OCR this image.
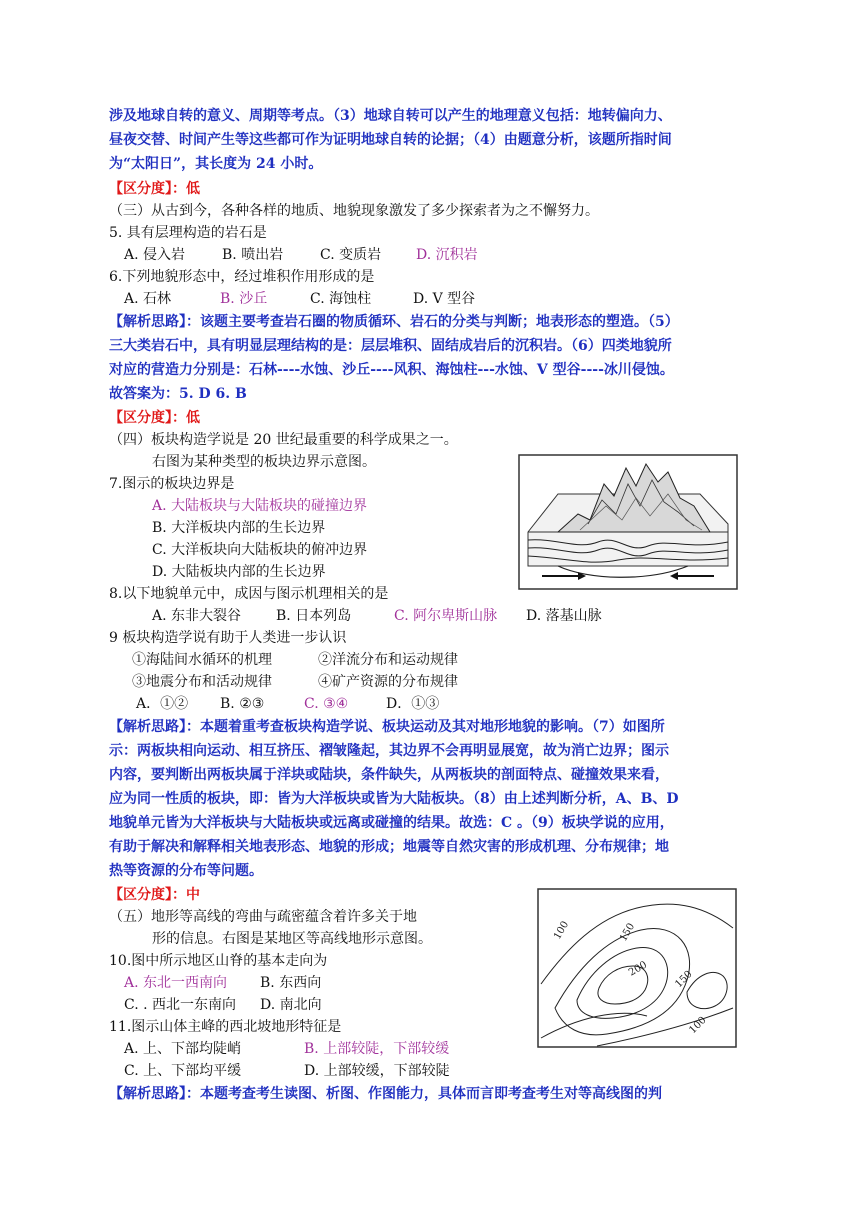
涉及地球自转的意义、周期等考点。（3）地球自转可以产生的地理意义包括：地转偏向力、
昼夜交替、时间产生等这些都可作为证明地球自转的论据；（4）由题意分析，该题所指时间
为“太阳日”，其长度为 24 小时。
【区分度】：低
（三）从古到今，各种各样的地质、地貌现象激发了多少探索者为之不懈努力。
5. 具有层理构造的岩石是
A. 侵入岩	B. 喷出岩	C. 变质岩 D. 沉积岩
6.下列地貌形态中，经过堆积作用形成的是
A. 石林	B. 沙丘	C. 海蚀柱	D. V 型谷
【解析思路】：该题主要考查岩石圈的物质循环、岩石的分类与判断；地表形态的塑造。（5）
三大类岩石中，具有明显层理结构的是：层层堆积、固结成岩后的沉积岩。（6）四类地貌所
对应的营造力分别是：石林----水蚀、沙丘----风积、海蚀柱---水蚀、V 型谷----冰川侵蚀。
故答案为：5. D 6. B
【区分度】：低
（四）板块构造学说是 20 世纪最重要的科学成果之一。
右图为某种类型的板块边界示意图。
7.图示的板块边界是
A. 大陆板块与大陆板块的碰撞边界
B. 大洋板块内部的生长边界
C. 大洋板块向大陆板块的俯冲边界
D. 大陆板块内部的生长边界
8.以下地貌单元中，成因与图示机理相关的是
A. 东非大裂谷 B. 日本列岛	C. 阿尔卑斯山脉 D. 落基山脉
9 板块构造学说有助于人类进一步认识
①海陆间水循环的机理	②洋流分布和运动规律
③地震分布和活动规律	④矿产资源的分布规律
A．①② B. ②③	C. ③④	D．①③
【解析思路】：本题着重考查板块构造学说、板块运动及其对地形地貌的影响。（7）如图所
示：两板块相向运动、相互挤压、褶皱隆起，其边界不会再明显展宽，故为消亡边界；图示
内容，要判断出两板块属于洋块或陆块，条件缺失，从两板块的剖面特点、碰撞效果来看，
应为同一性质的板块，即：皆为大洋板块或皆为大陆板块。（8）由上述判断分析，A、B、D
地貌单元皆为大洋板块与大陆板块或远离或碰撞的结果。故选：C 。（9）板块学说的应用，
有助于解决和解释相关地表形态、地貌的形成；地震等自然灾害的形成机理、分布规律；地
热等资源的分布等问题。
【区分度】：中
（五）地形等高线的弯曲与疏密蕴含着许多关于地
形的信息。右图是某地区等高线地形示意图。	100	150
200 150
100
10.图中所示地区山脊的基本走向为
A. 东北一西南向 B. 东西向
C. . 西北一东南向 D. 南北向
11.图示山体主峰的西北坡地形特征是
A. 上、下部均陡峭	B. 上部较陡，下部较缓
C. 上、下部均平缓	D. 上部较缓，下部较陡
【解析思路】：本题考查考生读图、析图、作图能力，具体而言即考查考生对等高线图的判
